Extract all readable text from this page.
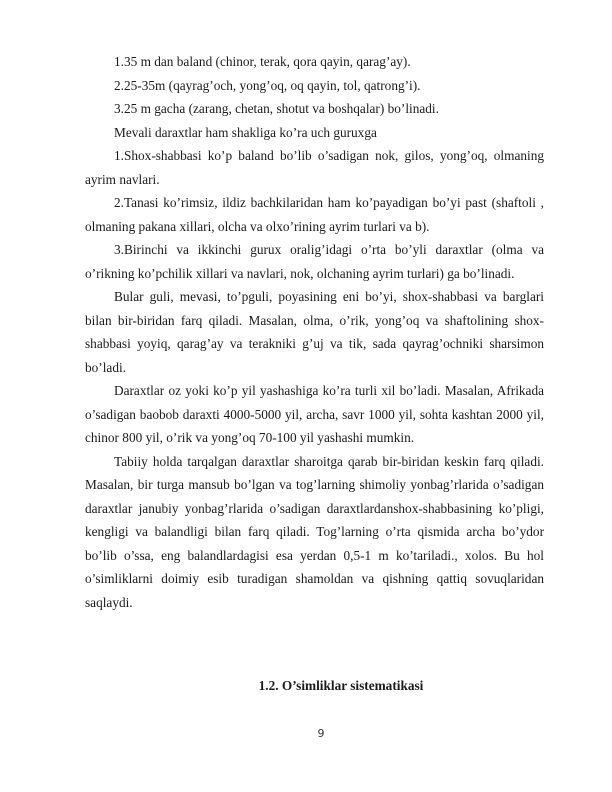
1.35 m dan baland (chinor, terak, qora qayin, qarag’ay).

2.25-35m (qayrag’och, yong’oq, oq qayin, tol, qatrong’i).

3.25 m gacha (zarang, chetan, shotut va boshqalar) bo’linadi.

Mevali daraxtlar ham shakliga ko’ra uch guruxga

1.Shox-shabbasi ko’p baland bo’lib o’sadigan nok, gilos, yong’oq, olmaning ayrim navlari.

2.Tanasi ko’rimsiz, ildiz bachkilaridan ham ko’payadigan bo’yi past (shaftoli , olmaning pakana xillari, olcha va olxo’rining ayrim turlari va b).

3.Birinchi va ikkinchi gurux oralig’idagi o’rta bo’yli daraxtlar (olma va o’rikning ko’pchilik xillari va navlari, nok, olchaning ayrim turlari) ga bo’linadi.

Bular guli, mevasi, to’pguli, poyasining eni bo’yi, shox-shabbasi va barglari bilan bir-biridan farq qiladi. Masalan, olma, o’rik, yong’oq va shaftolining shox-shabbasi yoyiq, qarag’ay va terakniki g’uj va tik, sada qayrag’ochniki sharsimon bo’ladi.

Daraxtlar oz yoki ko’p yil yashashiga ko’ra turli xil bo’ladi. Masalan, Afrikada o’sadigan baobob daraxti 4000-5000 yil, archa, savr 1000 yil, sohta kashtan 2000 yil, chinor 800 yil, o’rik va yong’oq 70-100 yil yashashi mumkin.

Tabiiy holda tarqalgan daraxtlar sharoitga qarab bir-biridan keskin farq qiladi. Masalan, bir turga mansub bo’lgan va tog’larning shimoliy yonbag’rlarida o’sadigan daraxtlar janubiy yonbag’rlarida o’sadigan daraxtlardanshox-shabbasining ko’pligi, kengligi va balandligi bilan farq qiladi. Tog’larning o’rta qismida archa bo’ydor bo’lib o’ssa, eng balandlardagisi esa yerdan 0,5-1 m ko’tariladi., xolos. Bu hol o’simliklarni doimiy esib turadigan shamoldan va qishning qattiq sovuqlaridan saqlaydi.

1.2. O’simliklar sistematikasi
9
